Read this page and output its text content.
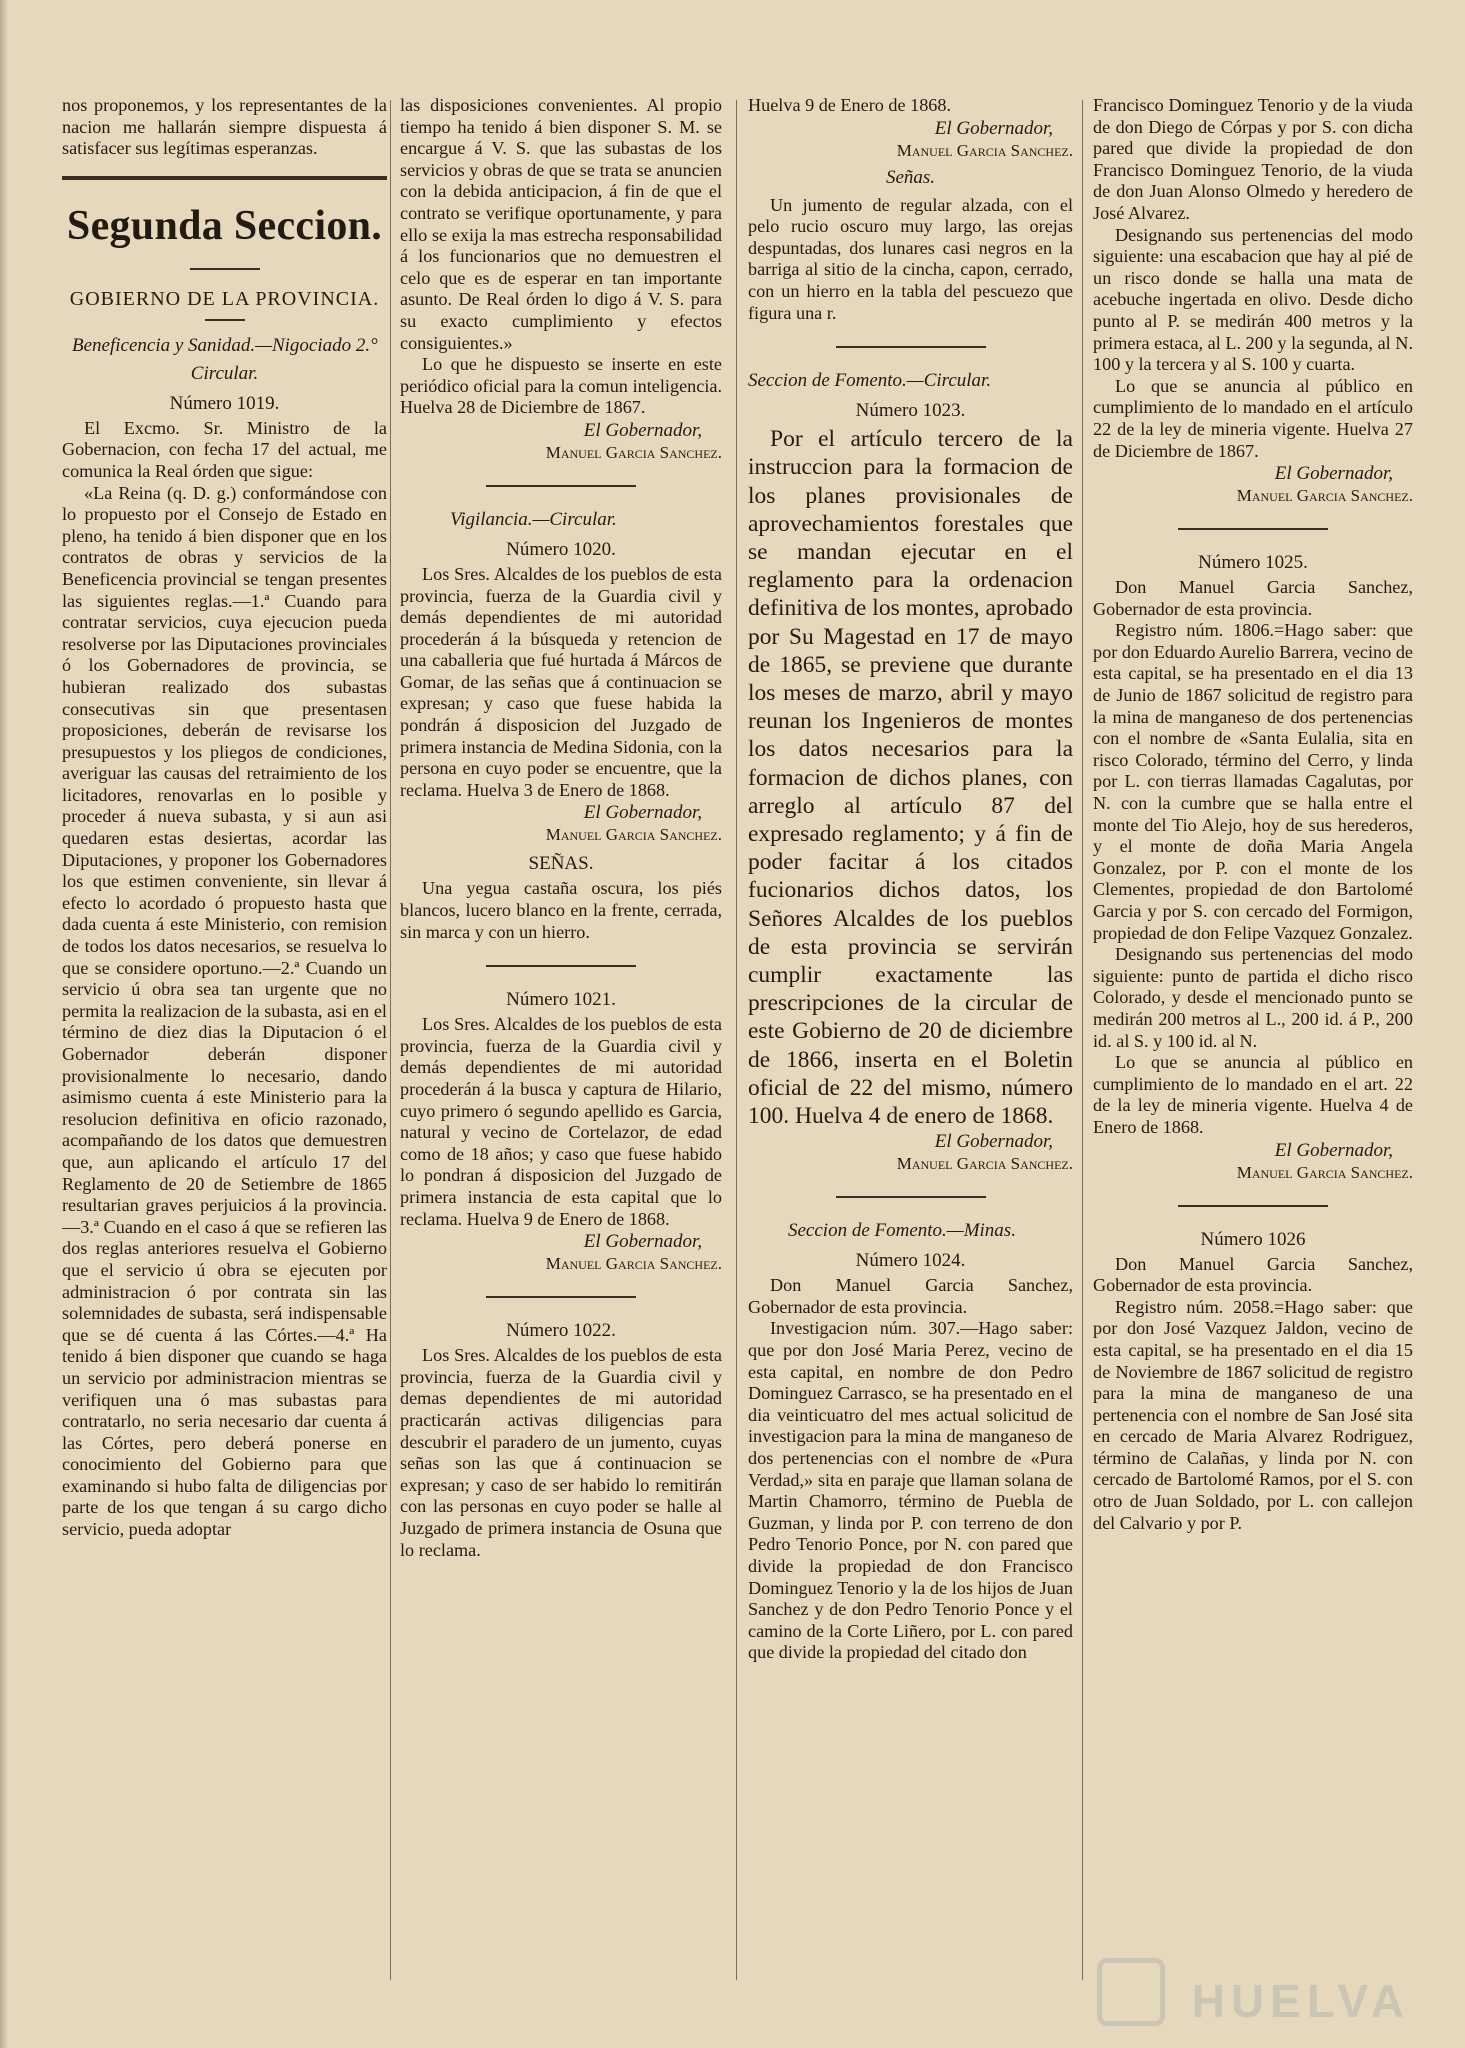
nos proponemos, y los representantes de la nacion me hallarán siempre dispuesta á satisfacer sus legítimas esperanzas.

Segunda Seccion.
GOBIERNO DE LA PROVINCIA.
Beneficencia y Sanidad.—Nigociado 2.°
Circular.
Número 1019.

El Excmo. Sr. Ministro de la Gobernacion, con fecha 17 del actual, me comunica la Real órden que sigue:

«La Reina (q. D. g.) conformándose con lo propuesto por el Consejo de Estado en pleno, ha tenido á bien disponer que en los contratos de obras y servicios de la Beneficencia provincial se tengan presentes las siguientes reglas.—1.ª Cuando para contratar servicios, cuya ejecucion pueda resolverse por las Diputaciones provinciales ó los Gobernadores de provincia, se hubieran realizado dos subastas consecutivas sin que presentasen proposiciones, deberán de revisarse los presupuestos y los pliegos de condiciones, averiguar las causas del retraimiento de los licitadores, renovarlas en lo posible y proceder á nueva subasta, y si aun asi quedaren estas desiertas, acordar las Diputaciones, y proponer los Gobernadores los que estimen conveniente, sin llevar á efecto lo acordado ó propuesto hasta que dada cuenta á este Ministerio, con remision de todos los datos necesarios, se resuelva lo que se considere oportuno.—2.ª Cuando un servicio ú obra sea tan urgente que no permita la realizacion de la subasta, asi en el término de diez dias la Diputacion ó el Gobernador deberán disponer provisionalmente lo necesario, dando asimismo cuenta á este Ministerio para la resolucion definitiva en oficio razonado, acompañando de los datos que demuestren que, aun aplicando el artículo 17 del Reglamento de 20 de Setiembre de 1865 resultarian graves perjuicios á la provincia.—3.ª Cuando en el caso á que se refieren las dos reglas anteriores resuelva el Gobierno que el servicio ú obra se ejecuten por administracion ó por contrata sin las solemnidades de subasta, será indispensable que se dé cuenta á las Córtes.—4.ª Ha tenido á bien disponer que cuando se haga un servicio por administracion mientras se verifiquen una ó mas subastas para contratarlo, no seria necesario dar cuenta á las Córtes, pero deberá ponerse en conocimiento del Gobierno para que examinando si hubo falta de diligencias por parte de los que tengan á su cargo dicho servicio, pueda adoptar

las disposiciones convenientes. Al propio tiempo ha tenido á bien disponer S. M. se encargue á V. S. que las subastas de los servicios y obras de que se trata se anuncien con la debida anticipacion, á fin de que el contrato se verifique oportunamente, y para ello se exija la mas estrecha responsabilidad á los funcionarios que no demuestren el celo que es de esperar en tan importante asunto. De Real órden lo digo á V. S. para su exacto cumplimiento y efectos consiguientes.»

Lo que he dispuesto se inserte en este periódico oficial para la comun inteligencia. Huelva 28 de Diciembre de 1867.

El Gobernador,
Manuel Garcia Sanchez.
Vigilancia.—Circular.
Número 1020.

Los Sres. Alcaldes de los pueblos de esta provincia, fuerza de la Guardia civil y demás dependientes de mi autoridad procederán á la búsqueda y retencion de una caballeria que fué hurtada á Márcos de Gomar, de las señas que á continuacion se expresan; y caso que fuese habida la pondrán á disposicion del Juzgado de primera instancia de Medina Sidonia, con la persona en cuyo poder se encuentre, que la reclama. Huelva 3 de Enero de 1868.

El Gobernador,
Manuel Garcia Sanchez.
SEÑAS.

Una yegua castaña oscura, los piés blancos, lucero blanco en la frente, cerrada, sin marca y con un hierro.

Número 1021.

Los Sres. Alcaldes de los pueblos de esta provincia, fuerza de la Guardia civil y demás dependientes de mi autoridad procederán á la busca y captura de Hilario, cuyo primero ó segundo apellido es Garcia, natural y vecino de Cortelazor, de edad como de 18 años; y caso que fuese habido lo pondran á disposicion del Juzgado de primera instancia de esta capital que lo reclama. Huelva 9 de Enero de 1868.

El Gobernador,
Manuel Garcia Sanchez.
Número 1022.

Los Sres. Alcaldes de los pueblos de esta provincia, fuerza de la Guardia civil y demas dependientes de mi autoridad practicarán activas diligencias para descubrir el paradero de un jumento, cuyas señas son las que á continuacion se expresan; y caso de ser habido lo remitirán con las personas en cuyo poder se halle al Juzgado de primera instancia de Osuna que lo reclama.

Huelva 9 de Enero de 1868.

El Gobernador,
Manuel Garcia Sanchez.
Señas.

Un jumento de regular alzada, con el pelo rucio oscuro muy largo, las orejas despuntadas, dos lunares casi negros en la barriga al sitio de la cincha, capon, cerrado, con un hierro en la tabla del pescuezo que figura una r.

Seccion de Fomento.—Circular.
Número 1023.

Por el artículo tercero de la instruccion para la formacion de los planes provisionales de aprovechamientos forestales que se mandan ejecutar en el reglamento para la ordenacion definitiva de los montes, aprobado por Su Magestad en 17 de mayo de 1865, se previene que durante los meses de marzo, abril y mayo reunan los Ingenieros de montes los datos necesarios para la formacion de dichos planes, con arreglo al artículo 87 del expresado reglamento; y á fin de poder facitar á los citados fucionarios dichos datos, los Señores Alcaldes de los pueblos de esta provincia se servirán cumplir exactamente las prescripciones de la circular de este Gobierno de 20 de diciembre de 1866, inserta en el Boletin oficial de 22 del mismo, número 100. Huelva 4 de enero de 1868.

El Gobernador,
Manuel Garcia Sanchez.
Seccion de Fomento.—Minas.
Número 1024.

Don Manuel Garcia Sanchez, Gobernador de esta provincia.

Investigacion núm. 307.—Hago saber: que por don José Maria Perez, vecino de esta capital, en nombre de don Pedro Dominguez Carrasco, se ha presentado en el dia veinticuatro del mes actual solicitud de investigacion para la mina de manganeso de dos pertenencias con el nombre de «Pura Verdad,» sita en paraje que llaman solana de Martin Chamorro, término de Puebla de Guzman, y linda por P. con terreno de don Pedro Tenorio Ponce, por N. con pared que divide la propiedad de don Francisco Dominguez Tenorio y la de los hijos de Juan Sanchez y de don Pedro Tenorio Ponce y el camino de la Corte Liñero, por L. con pared que divide la propiedad del citado don

Francisco Dominguez Tenorio y de la viuda de don Diego de Córpas y por S. con dicha pared que divide la propiedad de don Francisco Dominguez Tenorio, de la viuda de don Juan Alonso Olmedo y heredero de José Alvarez.

Designando sus pertenencias del modo siguiente: una escabacion que hay al pié de un risco donde se halla una mata de acebuche ingertada en olivo. Desde dicho punto al P. se medirán 400 metros y la primera estaca, al L. 200 y la segunda, al N. 100 y la tercera y al S. 100 y cuarta.

Lo que se anuncia al público en cumplimiento de lo mandado en el artículo 22 de la ley de mineria vigente. Huelva 27 de Diciembre de 1867.

El Gobernador,
Manuel Garcia Sanchez.
Número 1025.

Don Manuel Garcia Sanchez, Gobernador de esta provincia.

Registro núm. 1806.=Hago saber: que por don Eduardo Aurelio Barrera, vecino de esta capital, se ha presentado en el dia 13 de Junio de 1867 solicitud de registro para la mina de manganeso de dos pertenencias con el nombre de «Santa Eulalia, sita en risco Colorado, término del Cerro, y linda por L. con tierras llamadas Cagalutas, por N. con la cumbre que se halla entre el monte del Tio Alejo, hoy de sus herederos, y el monte de doña Maria Angela Gonzalez, por P. con el monte de los Clementes, propiedad de don Bartolomé Garcia y por S. con cercado del Formigon, propiedad de don Felipe Vazquez Gonzalez.

Designando sus pertenencias del modo siguiente: punto de partida el dicho risco Colorado, y desde el mencionado punto se medirán 200 metros al L., 200 id. á P., 200 id. al S. y 100 id. al N.

Lo que se anuncia al público en cumplimiento de lo mandado en el art. 22 de la ley de mineria vigente. Huelva 4 de Enero de 1868.

El Gobernador,
Manuel Garcia Sanchez.
Número 1026

Don Manuel Garcia Sanchez, Gobernador de esta provincia.

Registro núm. 2058.=Hago saber: que por don José Vazquez Jaldon, vecino de esta capital, se ha presentado en el dia 15 de Noviembre de 1867 solicitud de registro para la mina de manganeso de una pertenencia con el nombre de San José sita en cercado de Maria Alvarez Rodriguez, término de Calañas, y linda por N. con cercado de Bartolomé Ramos, por el S. con otro de Juan Soldado, por L. con callejon del Calvario y por P.

HUELVA
